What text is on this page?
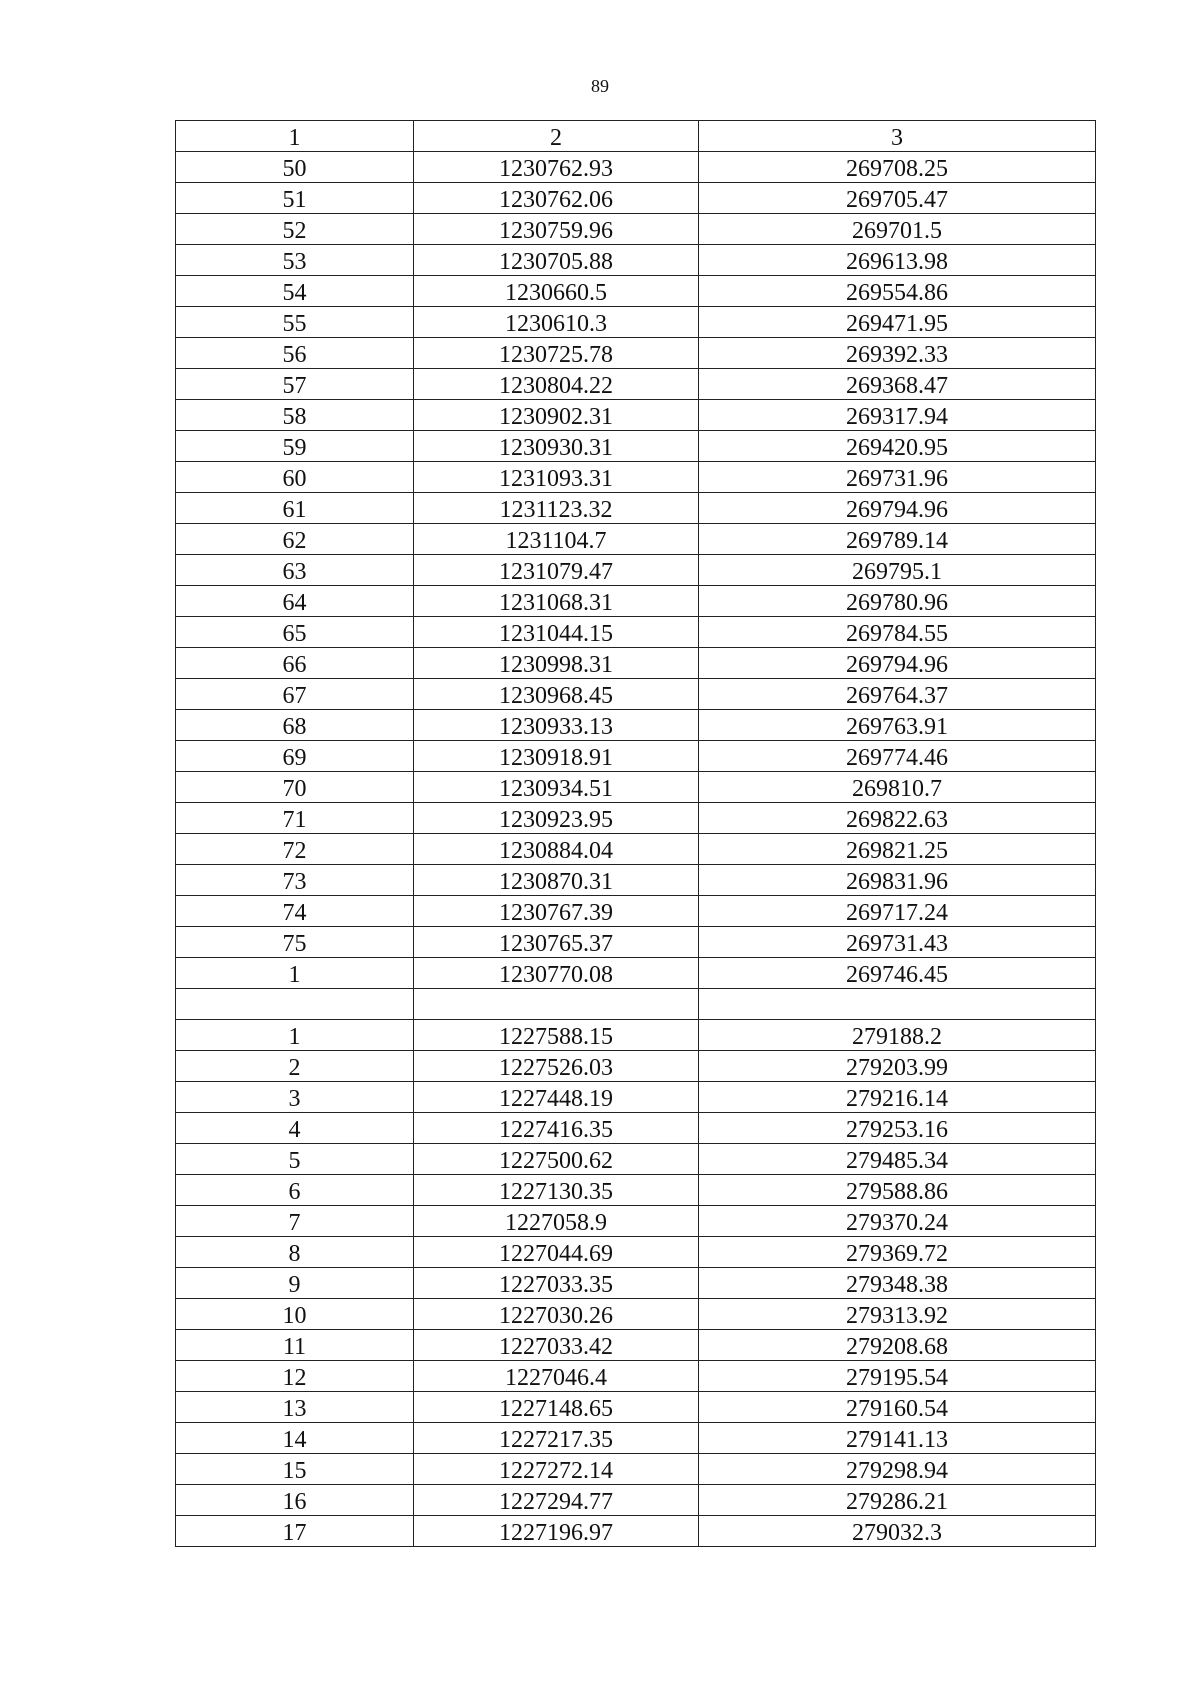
89
1	2	3
50	1230762.93	269708.25
51	1230762.06	269705.47
52	1230759.96	269701.5
53	1230705.88	269613.98
54	1230660.5	269554.86
55	1230610.3	269471.95
56	1230725.78	269392.33
57	1230804.22	269368.47
58	1230902.31	269317.94
59	1230930.31	269420.95
60	1231093.31	269731.96
61	1231123.32	269794.96
62	1231104.7	269789.14
63	1231079.47	269795.1
64	1231068.31	269780.96
65	1231044.15	269784.55
66	1230998.31	269794.96
67	1230968.45	269764.37
68	1230933.13	269763.91
69	1230918.91	269774.46
70	1230934.51	269810.7
71	1230923.95	269822.63
72	1230884.04	269821.25
73	1230870.31	269831.96
74	1230767.39	269717.24
75	1230765.37	269731.43
1	1230770.08	269746.45

1	1227588.15	279188.2
2	1227526.03	279203.99
3	1227448.19	279216.14
4	1227416.35	279253.16
5	1227500.62	279485.34
6	1227130.35	279588.86
7	1227058.9	279370.24
8	1227044.69	279369.72
9	1227033.35	279348.38
10	1227030.26	279313.92
11	1227033.42	279208.68
12	1227046.4	279195.54
13	1227148.65	279160.54
14	1227217.35	279141.13
15	1227272.14	279298.94
16	1227294.77	279286.21
17	1227196.97	279032.3
